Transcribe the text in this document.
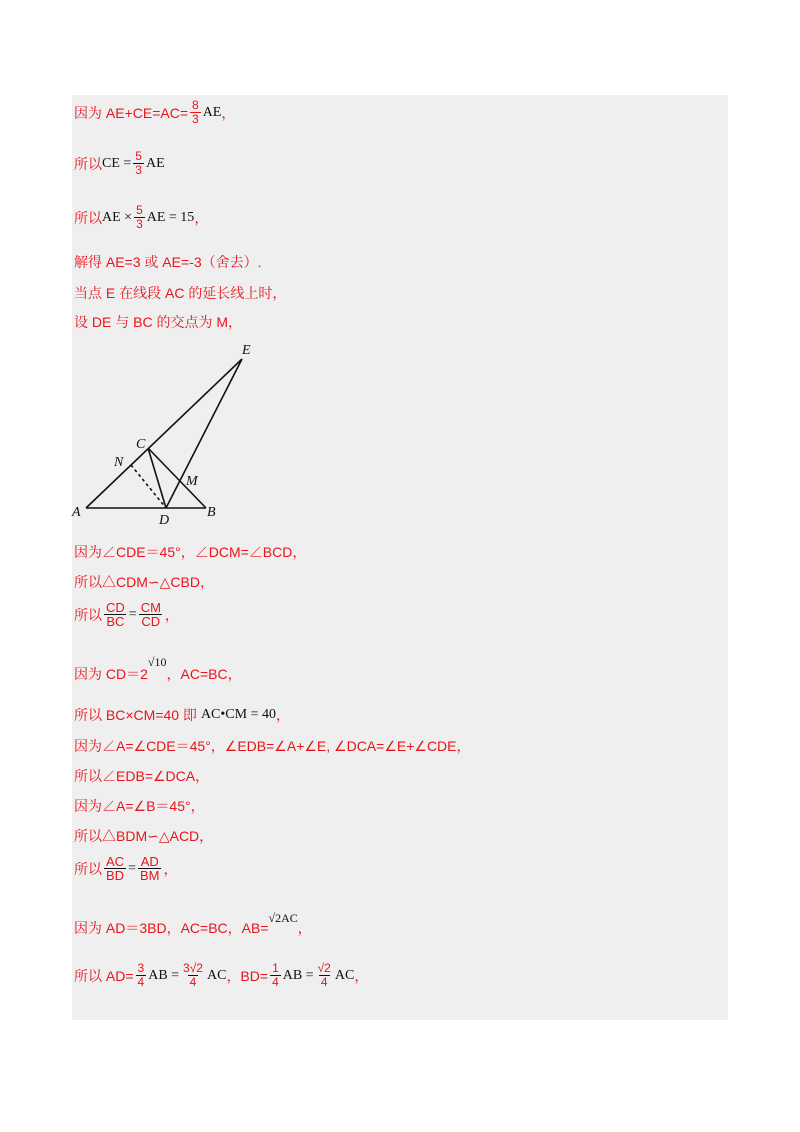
因为 $AE+CE=AC= \frac{8}{3}$ AE ，
所以 CE = $\frac{5}{3}$ AE
所以 AE × $\frac{5}{3}$ AE = 15 ，
解得 AE=3 或 AE=-3（舍去）.
当点 E 在线段 AC 的延长线上时，
设 DE 与 BC 的交点为 M，
E
C
N
M
A
D
B
因为∠CDE＝45°，∠DCM=∠BCD，
所以△CDM∽△CBD，
所以 $\frac{CD}{BC} = \frac{CM}{CD}$ ，
因为 CD＝2
√10
，AC=BC，
所以 BC×CM=40 即 AC•CM = 40 ，
因为∠A=∠CDE＝45°，∠EDB=∠A+∠E, ∠DCA=∠E+∠CDE，
所以∠EDB=∠DCA，
因为∠A=∠B＝45°，
所以△BDM∽△ACD，
所以 $\frac{AC}{BD} = \frac{AD}{BM}$ ，
因为 AD＝3BD，AC=BC，AB=
√2AC
，
所以 $AD= \frac{3}{4}$ AB = $\frac{3√2}{4}$ AC ，$BD= \frac{1}{4}$ AB = $\frac{√2}{4}$ AC ，
